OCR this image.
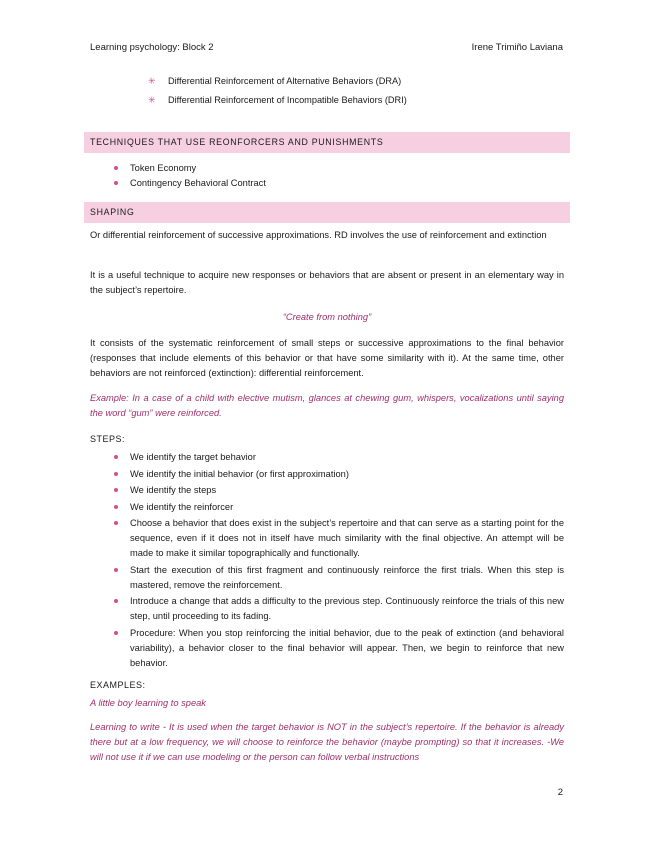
Learning psychology: Block 2	Irene Trimiño Laviana
✳ Differential Reinforcement of Alternative Behaviors (DRA)
✳ Differential Reinforcement of Incompatible Behaviors (DRI)
TECHNIQUES THAT USE REONFORCERS AND PUNISHMENTS
Token Economy
Contingency Behavioral Contract
SHAPING
Or differential reinforcement of successive approximations. RD involves the use of reinforcement and extinction
It is a useful technique to acquire new responses or behaviors that are absent or present in an elementary way in the subject’s repertoire.
“Create from nothing”
It consists of the systematic reinforcement of small steps or successive approximations to the final behavior (responses that include elements of this behavior or that have some similarity with it). At the same time, other behaviors are not reinforced (extinction): differential reinforcement.
Example: In a case of a child with elective mutism, glances at chewing gum, whispers, vocalizations until saying the word “gum” were reinforced.
STEPS:
We identify the target behavior
We identify the initial behavior (or first approximation)
We identify the steps
We identify the reinforcer
Choose a behavior that does exist in the subject’s repertoire and that can serve as a starting point for the sequence, even if it does not in itself have much similarity with the final objective. An attempt will be made to make it similar topographically and functionally.
Start the execution of this first fragment and continuously reinforce the first trials. When this step is mastered, remove the reinforcement.
Introduce a change that adds a difficulty to the previous step. Continuously reinforce the trials of this new step, until proceeding to its fading.
Procedure: When you stop reinforcing the initial behavior, due to the peak of extinction (and behavioral variability), a behavior closer to the final behavior will appear. Then, we begin to reinforce that new behavior.
EXAMPLES:
A little boy learning to speak
Learning to write - It is used when the target behavior is NOT in the subject’s repertoire. If the behavior is already there but at a low frequency, we will choose to reinforce the behavior (maybe prompting) so that it increases. -We will not use it if we can use modeling or the person can follow verbal instructions
2
